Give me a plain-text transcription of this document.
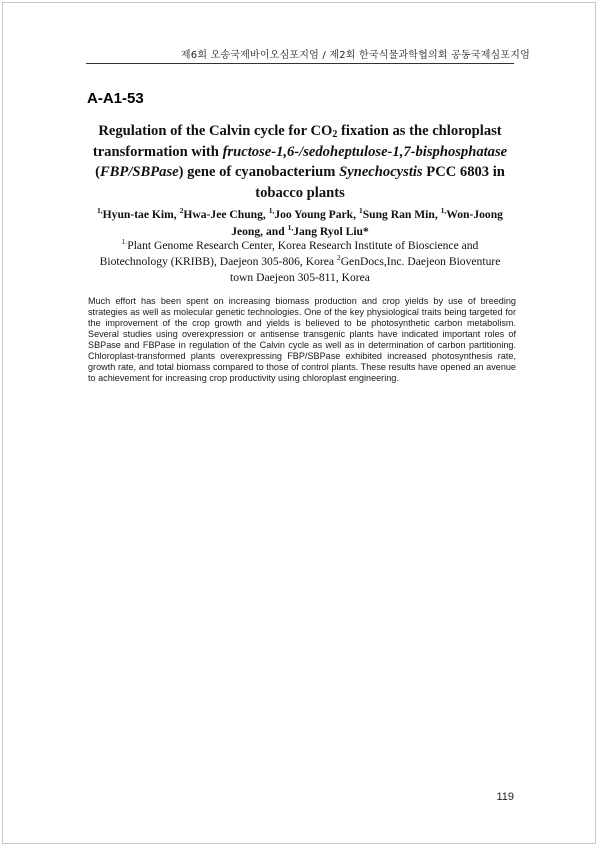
제6회 오송국제바이오심포지엄 / 제2회 한국식물과학협의회 공동국제심포지엄
A-A1-53
Regulation of the Calvin cycle for $CO_2$ fixation as the chloroplast transformation with fructose-1,6-/sedoheptulose-1,7-bisphosphatase (FBP/SBPase) gene of cyanobacterium Synechocystis PCC 6803 in tobacco plants
$^{1,}$Hyun-tae Kim, $^2$Hwa-Jee Chung, $^{1,}$Joo Young Park, $^1$Sung Ran Min, $^{1,}$Won-Joong Jeong, and $^{1,}$Jang Ryol Liu*
$^{1.}$Plant Genome Research Center, Korea Research Institute of Bioscience and Biotechnology (KRIBB), Daejeon 305-806, Korea $^2$GenDocs,Inc. Daejeon Bioventure town Daejeon 305-811, Korea
Much effort has been spent on increasing biomass production and crop yields by use of breeding strategies as well as molecular genetic technologies. One of the key physiological traits being targeted for the improvement of the crop growth and yields is believed to be photosynthetic carbon metabolism. Several studies using overexpression or antisense transgenic plants have indicated important roles of SBPase and FBPase in regulation of the Calvin cycle as well as in determination of carbon partitioning. Chloroplast-transformed plants overexpressing FBP/SBPase exhibited increased photosynthesis rate, growth rate, and total biomass compared to those of control plants. These results have opened an avenue to achievement for increasing crop productivity using chloroplast engineering.
119
